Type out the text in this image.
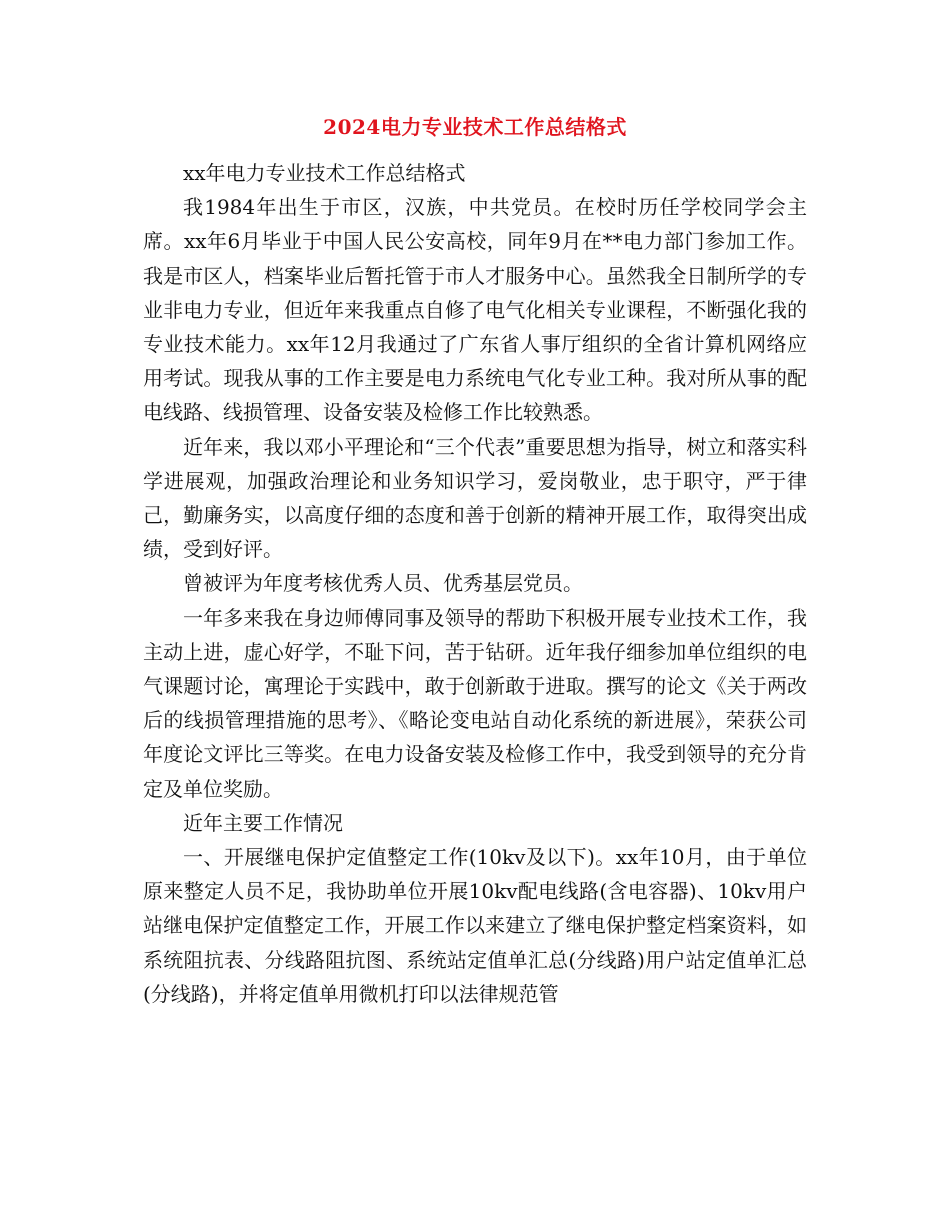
2024电力专业技术工作总结格式

xx年电力专业技术工作总结格式

我1984年出生于市区，汉族，中共党员。在校时历任学校同学会主席。xx年6月毕业于中国人民公安高校，同年9月在**电力部门参加工作。我是市区人，档案毕业后暂托管于市人才服务中心。虽然我全日制所学的专业非电力专业，但近年来我重点自修了电气化相关专业课程，不断强化我的专业技术能力。xx年12月我通过了广东省人事厅组织的全省计算机网络应用考试。现我从事的工作主要是电力系统电气化专业工种。我对所从事的配电线路、线损管理、设备安装及检修工作比较熟悉。

近年来，我以邓小平理论和“三个代表”重要思想为指导，树立和落实科学进展观，加强政治理论和业务知识学习，爱岗敬业，忠于职守，严于律己，勤廉务实，以高度仔细的态度和善于创新的精神开展工作，取得突出成绩，受到好评。

曾被评为年度考核优秀人员、优秀基层党员。

一年多来我在身边师傅同事及领导的帮助下积极开展专业技术工作，我主动上进，虚心好学，不耻下问，苦于钻研。近年我仔细参加单位组织的电气课题讨论，寓理论于实践中，敢于创新敢于进取。撰写的论文《关于两改后的线损管理措施的思考》、《略论变电站自动化系统的新进展》，荣获公司年度论文评比三等奖。在电力设备安装及检修工作中，我受到领导的充分肯定及单位奖励。

近年主要工作情况

一、开展继电保护定值整定工作(10kv及以下)。xx年10月，由于单位原来整定人员不足，我协助单位开展10kv配电线路(含电容器)、10kv用户站继电保护定值整定工作，开展工作以来建立了继电保护整定档案资料，如系统阻抗表、分线路阻抗图、系统站定值单汇总(分线路)用户站定值单汇总(分线路)，并将定值单用微机打印以法律规范管
